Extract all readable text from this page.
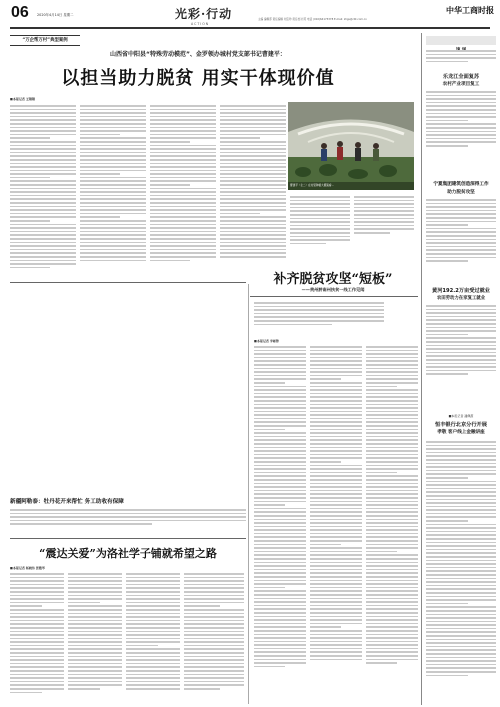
06 2020年4月14日 星期二	光彩·行动
ACTION
中华工商时报
主编 编辑部 责任编辑 刘宝珍 责任校对 陈 电话 (010)64173378 E-mail: zhgs@cbt.com.cn
“万企帮万村”典型案例
山西省中阳县“特殊劳动模范”、金罗领办城村党支部书记曹建平：
以担当助力脱贫 用实干体现价值
■本报记者 王翔翔
曹建平（左二）在村里种植大棚查看…
补齐脱贫攻坚“短板”
——贵州黔南州扶贫一线工作见闻
■本报记者 李彬锋
新疆阿勒泰：牡丹花开来帮忙 务工助收有保障
“震达关爱”为洛社学子铺就希望之路
■本报记者 杨晓伟 张雅琴
乐龙江全面复苏
农村产业项目复工
宁夏集团建筑创造深得工作
助力脱贫攻坚
黄河192.2万亩受过就业
农田劳动力在家复工就业
■本报记者 潘佩霞
恒丰银行北京分行开展
孝敬 客户线上金融讲座
